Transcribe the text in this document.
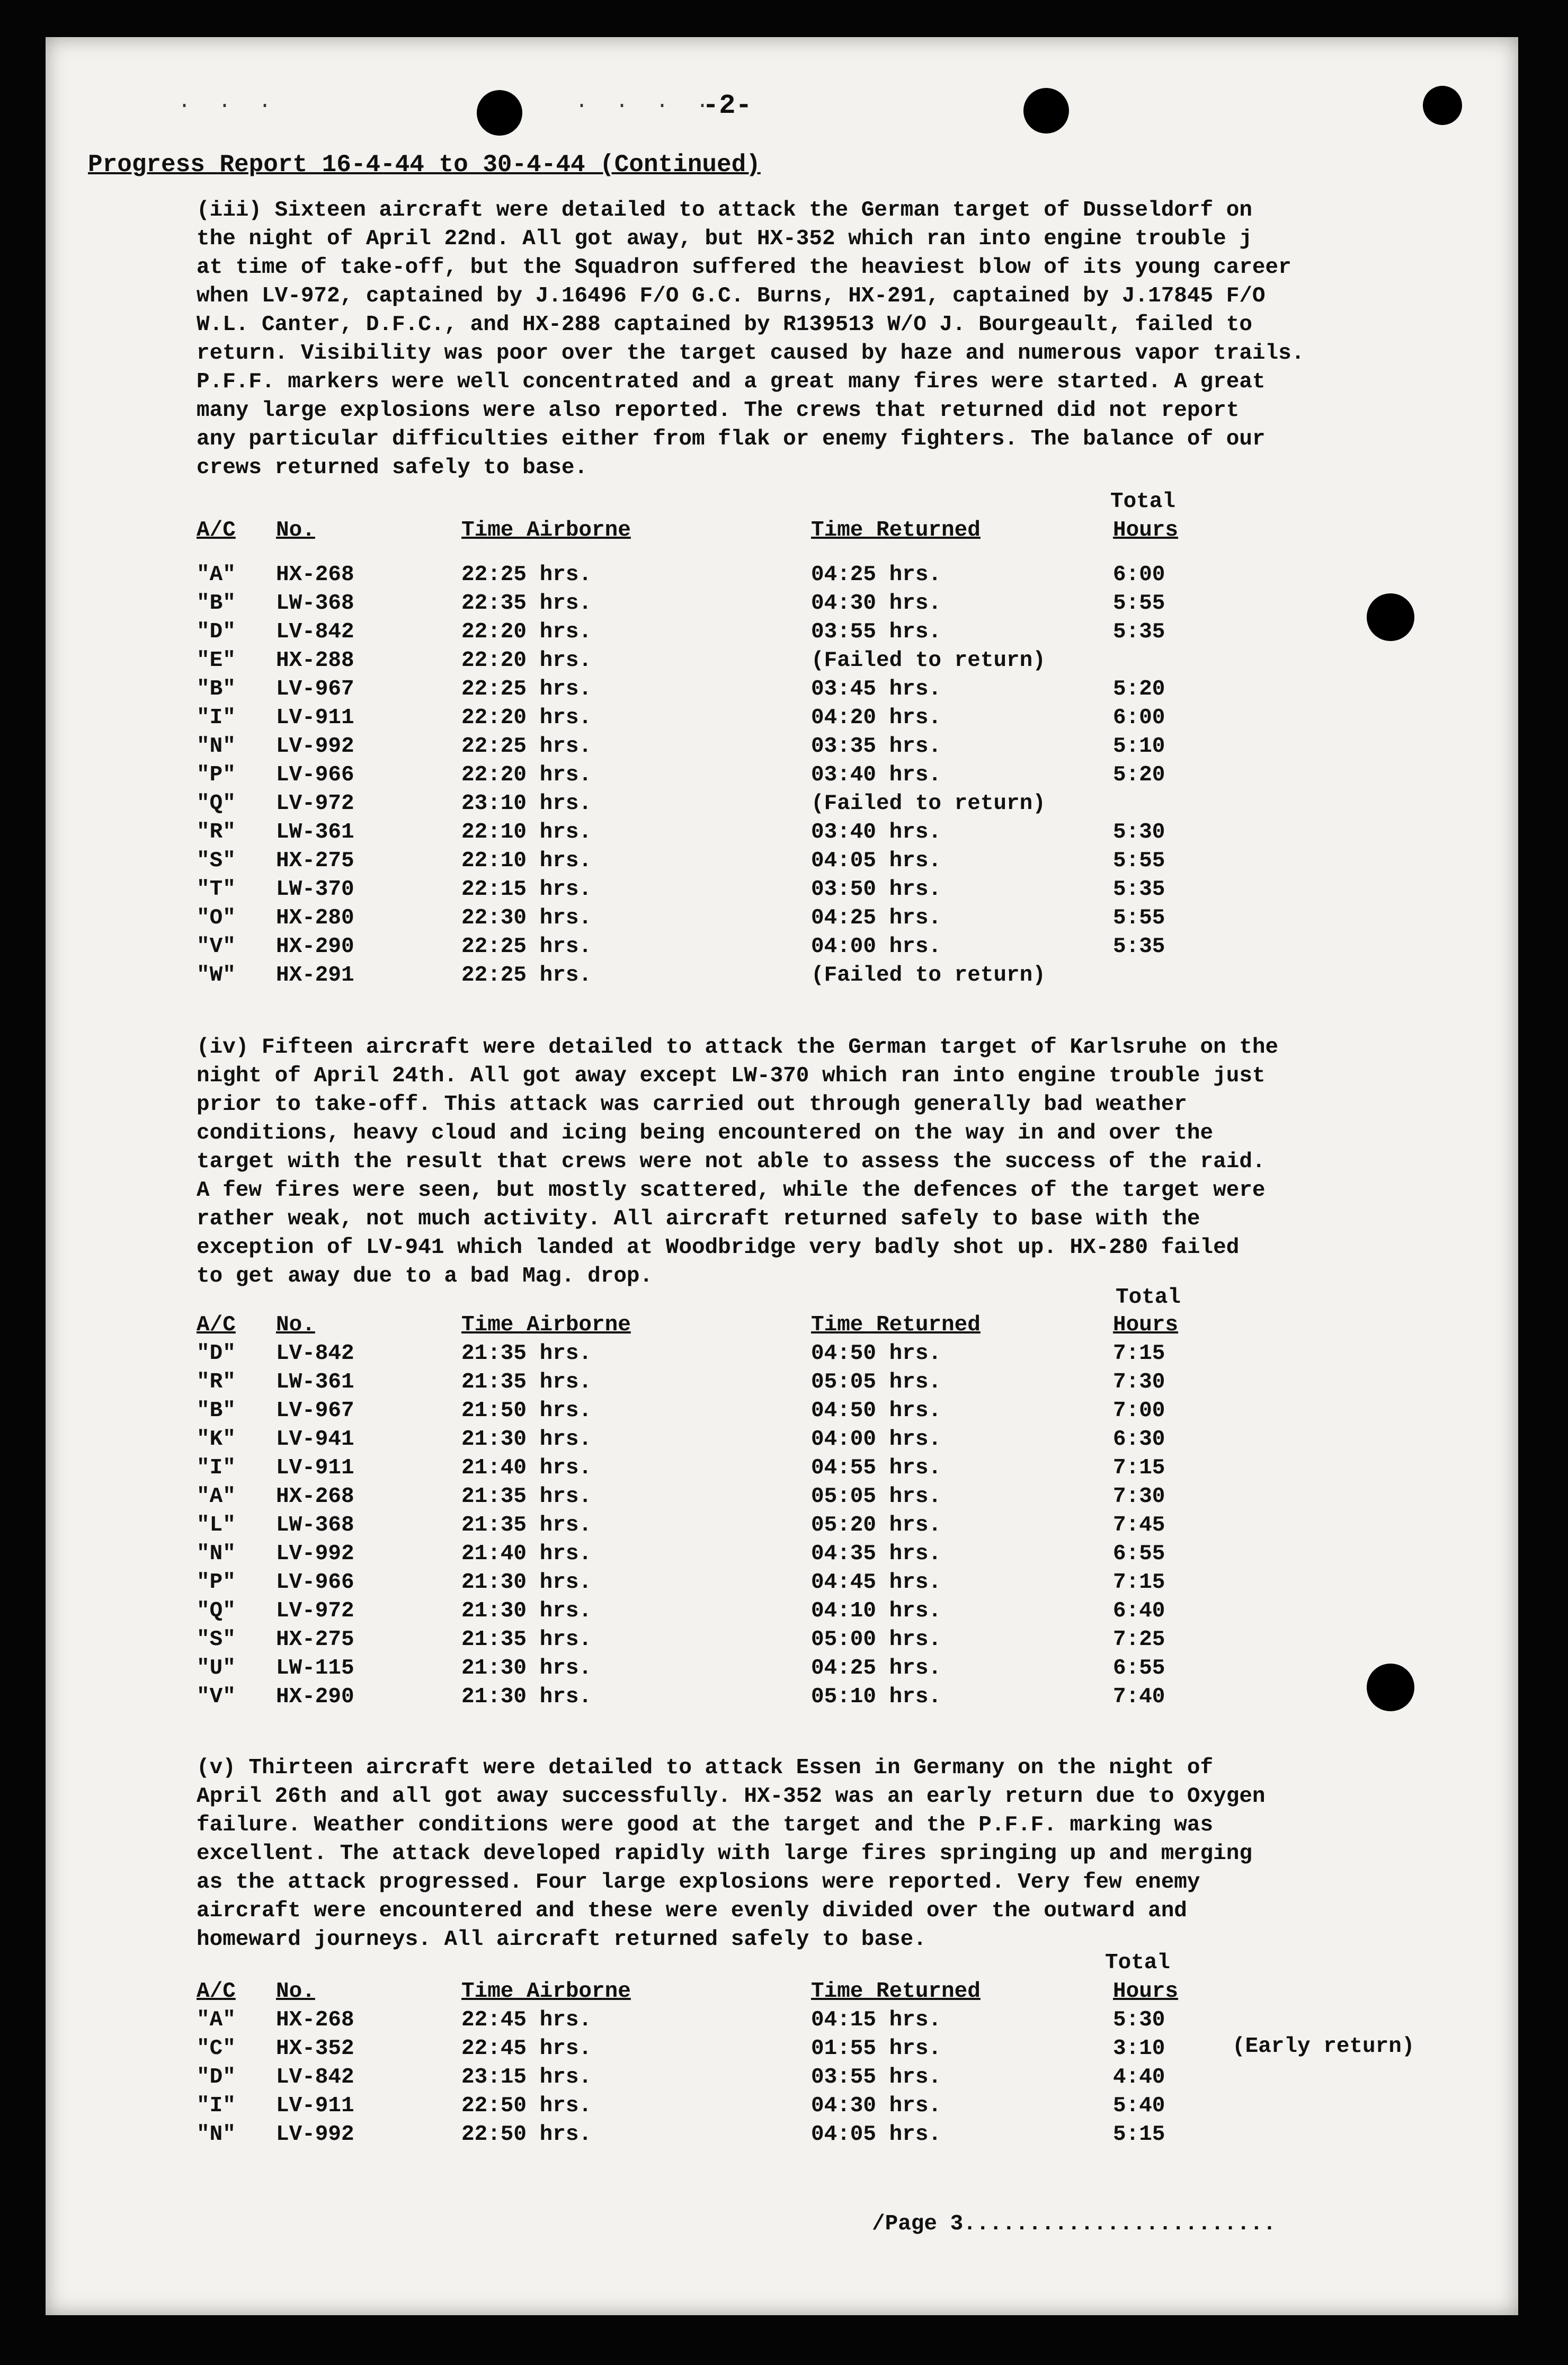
. . .	. . . .
-2-
Progress Report 16-4-44 to 30-4-44 (Continued)

(iii) Sixteen aircraft were detailed to attack the German target of Dusseldorf on

the night of April 22nd. All got away, but HX-352 which ran into engine trouble j

at time of take-off, but the Squadron suffered the heaviest blow of its young career

when LV-972, captained by J.16496 F/O G.C. Burns, HX-291, captained by J.17845 F/O

W.L. Canter, D.F.C., and HX-288 captained by R139513 W/O J. Bourgeault, failed to

return. Visibility was poor over the target caused by haze and numerous vapor trails.

P.F.F. markers were well concentrated and a great many fires were started. A great

many large explosions were also reported. The crews that returned did not report

any particular difficulties either from flak or enemy fighters. The balance of our

crews returned safely to base.

Total
A/C	No.	Time Airborne	Time Returned	Hours

"A"	HX-268	22:25 hrs.	04:25 hrs.	6:00
"B"	LW-368	22:35 hrs.	04:30 hrs.	5:55
"D"	LV-842	22:20 hrs.	03:55 hrs.	5:35
"E"	HX-288	22:20 hrs.	(Failed to return)	
"B"	LV-967	22:25 hrs.	03:45 hrs.	5:20
"I"	LV-911	22:20 hrs.	04:20 hrs.	6:00
"N"	LV-992	22:25 hrs.	03:35 hrs.	5:10
"P"	LV-966	22:20 hrs.	03:40 hrs.	5:20
"Q"	LV-972	23:10 hrs.	(Failed to return)	
"R"	LW-361	22:10 hrs.	03:40 hrs.	5:30
"S"	HX-275	22:10 hrs.	04:05 hrs.	5:55
"T"	LW-370	22:15 hrs.	03:50 hrs.	5:35
"O"	HX-280	22:30 hrs.	04:25 hrs.	5:55
"V"	HX-290	22:25 hrs.	04:00 hrs.	5:35
"W"	HX-291	22:25 hrs.	(Failed to return)	

(iv) Fifteen aircraft were detailed to attack the German target of Karlsruhe on the

night of April 24th. All got away except LW-370 which ran into engine trouble just

prior to take-off. This attack was carried out through generally bad weather

conditions, heavy cloud and icing being encountered on the way in and over the

target with the result that crews were not able to assess the success of the raid.

A few fires were seen, but mostly scattered, while the defences of the target were

rather weak, not much activity. All aircraft returned safely to base with the

exception of LV-941 which landed at Woodbridge very badly shot up. HX-280 failed

to get away due to a bad Mag. drop.

Total
A/C	No.	Time Airborne	Time Returned	Hours
"D"	LV-842	21:35 hrs.	04:50 hrs.	7:15
"R"	LW-361	21:35 hrs.	05:05 hrs.	7:30
"B"	LV-967	21:50 hrs.	04:50 hrs.	7:00
"K"	LV-941	21:30 hrs.	04:00 hrs.	6:30
"I"	LV-911	21:40 hrs.	04:55 hrs.	7:15
"A"	HX-268	21:35 hrs.	05:05 hrs.	7:30
"L"	LW-368	21:35 hrs.	05:20 hrs.	7:45
"N"	LV-992	21:40 hrs.	04:35 hrs.	6:55
"P"	LV-966	21:30 hrs.	04:45 hrs.	7:15
"Q"	LV-972	21:30 hrs.	04:10 hrs.	6:40
"S"	HX-275	21:35 hrs.	05:00 hrs.	7:25
"U"	LW-115	21:30 hrs.	04:25 hrs.	6:55
"V"	HX-290	21:30 hrs.	05:10 hrs.	7:40

(v) Thirteen aircraft were detailed to attack Essen in Germany on the night of

April 26th and all got away successfully. HX-352 was an early return due to Oxygen

failure. Weather conditions were good at the target and the P.F.F. marking was

excellent. The attack developed rapidly with large fires springing up and merging

as the attack progressed. Four large explosions were reported. Very few enemy

aircraft were encountered and these were evenly divided over the outward and

homeward journeys. All aircraft returned safely to base.

Total
A/C	No.	Time Airborne	Time Returned	Hours
"A"	HX-268	22:45 hrs.	04:15 hrs.	5:30
"C"	HX-352	22:45 hrs.	01:55 hrs.	3:10
"D"	LV-842	23:15 hrs.	03:55 hrs.	4:40
"I"	LV-911	22:50 hrs.	04:30 hrs.	5:40
"N"	LV-992	22:50 hrs.	04:05 hrs.	5:15
(Early return)
/Page 3........................
